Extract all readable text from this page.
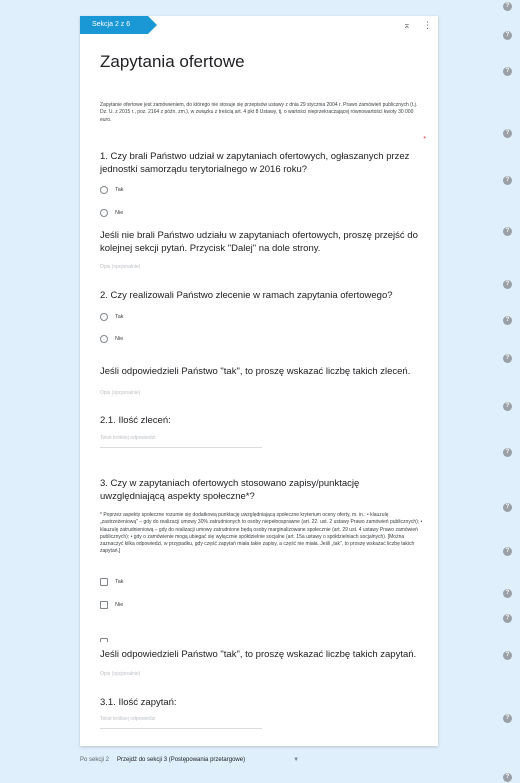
Sekcja 2 z 6	⌅ ⋮
Zapytania ofertowe
Zapytanie ofertowe jest zamówieniem, do którego nie stosuje się przepisów ustawy z dnia 29 stycznia 2004 r. Prawo zamówień publicznych (t.j. Dz. U. z 2015 r., poz. 2164 z późn. zm.), w związku z treścią art. 4 pkt 8 Ustawy, tj. o wartości nieprzekraczającej równowartości kwoty 30 000 euro.
1. Czy brali Państwo udział w zapytaniach ofertowych, ogłaszanych przez jednostki samorządu terytorialnego w 2016 roku?
*
Tak
Nie
Jeśli nie brali Państwo udziału w zapytaniach ofertowych, proszę przejść do kolejnej sekcji pytań. Przycisk "Dalej" na dole strony.
Opis (opcjonalnie)
2. Czy realizowali Państwo zlecenie w ramach zapytania ofertowego?
Tak
Nie
Jeśli odpowiedzieli Państwo "tak", to proszę wskazać liczbę takich zleceń.
Opis (opcjonalnie)
2.1. Ilość zleceń:
Tekst krótkiej odpowiedzi
3. Czy w zapytaniach ofertowych stosowano zapisy/punktację uwzględniającą aspekty społeczne*?
* Poprzez aspekty społeczne rozumie się dodatkową punktację uwzględniającą społeczne kryterium oceny oferty, m. in.: • klauzulę „zastrzeżeniową" – gdy do realizacji umowy 30% zatrudnionych to osoby niepełnosprawne (art. 22. ust. 2 ustawy Prawo zamówień publicznych); • klauzulę zatrudnieniową – gdy do realizacji umowy zatrudnione będą osoby marginalizowane społecznie (art. 29 ust. 4 ustawy Prawo zamówień publicznych); • gdy o zamówienie mogą ubiegać się wyłącznie spółdzielnie socjalne (art. 15a ustawy o spółdzielniach socjalnych). [Można zaznaczyć kilka odpowiedzi, w przypadku, gdy część zapytań miała takie zapisy, a część nie miała. Jeśli „tak", to proszę wskazać liczbę takich zapytań.]
Tak
Nie
Jeśli odpowiedzieli Państwo "tak", to proszę wskazać liczbę takich zapytań.
Opis (opcjonalnie)
3.1. Ilość zapytań:
Tekst krótkiej odpowiedzi
Po sekcji 2 Przejdź do sekcji 3 (Postępowania przetargowe)	▼
?
?
?
?
?
?
?
?
?
?
?
?
?
?
?
?
?
?
